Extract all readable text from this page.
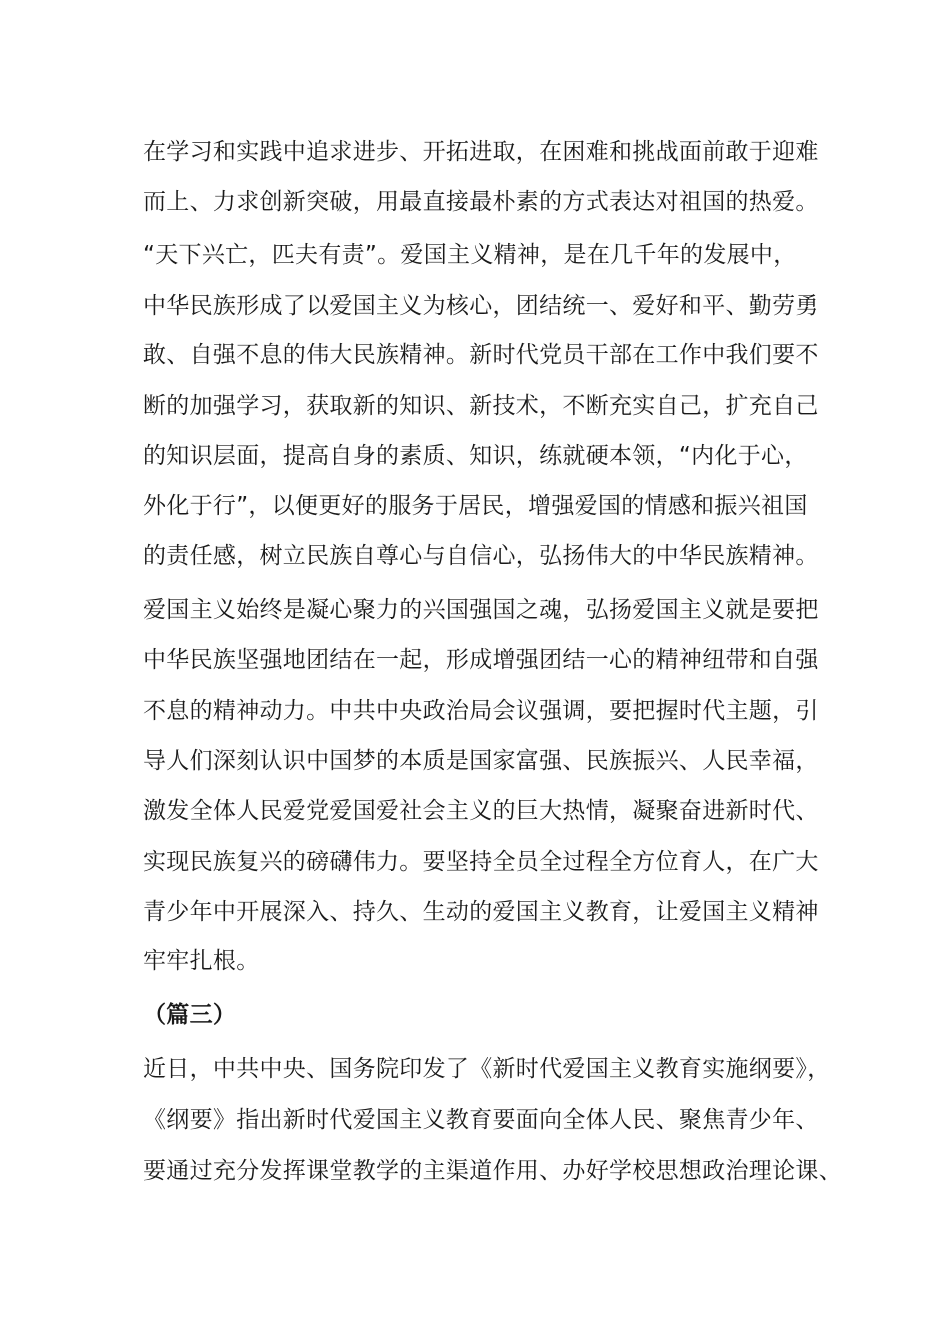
在学习和实践中追求进步、开拓进取，在困难和挑战面前敢于迎难
而上、力求创新突破，用最直接最朴素的方式表达对祖国的热爱。
“天下兴亡，匹夫有责”。爱国主义精神，是在几千年的发展中，
中华民族形成了以爱国主义为核心，团结统一、爱好和平、勤劳勇
敢、自强不息的伟大民族精神。新时代党员干部在工作中我们要不
断的加强学习，获取新的知识、新技术，不断充实自己，扩充自己
的知识层面，提高自身的素质、知识，练就硬本领，“内化于心，
外化于行”，以便更好的服务于居民，增强爱国的情感和振兴祖国
的责任感，树立民族自尊心与自信心，弘扬伟大的中华民族精神。
爱国主义始终是凝心聚力的兴国强国之魂，弘扬爱国主义就是要把
中华民族坚强地团结在一起，形成增强团结一心的精神纽带和自强
不息的精神动力。中共中央政治局会议强调，要把握时代主题，引
导人们深刻认识中国梦的本质是国家富强、民族振兴、人民幸福，
激发全体人民爱党爱国爱社会主义的巨大热情，凝聚奋进新时代、
实现民族复兴的磅礴伟力。要坚持全员全过程全方位育人，在广大
青少年中开展深入、持久、生动的爱国主义教育，让爱国主义精神
牢牢扎根。
（篇三）
近日，中共中央、国务院印发了《新时代爱国主义教育实施纲要》，
《纲要》指出新时代爱国主义教育要面向全体人民、聚焦青少年、
要通过充分发挥课堂教学的主渠道作用、办好学校思想政治理论课、
